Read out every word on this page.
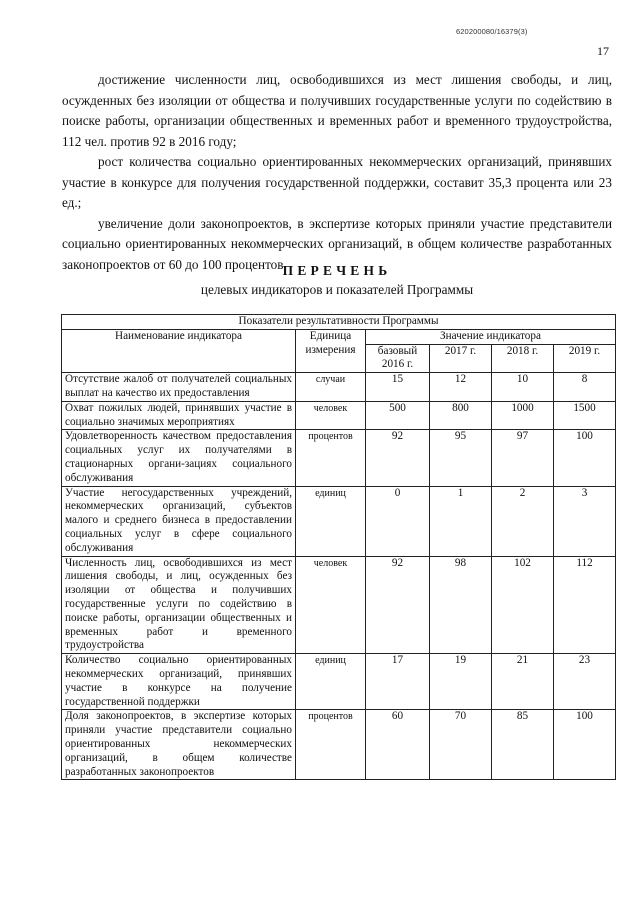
620200080/16379(3)
17

достижение численности лиц, освободившихся из мест лишения свободы, и лиц, осужденных без изоляции от общества и получивших государственные услуги по содействию в поиске работы, организации общественных и временных работ и временного трудоустройства, 112 чел. против 92 в 2016 году;

рост количества социально ориентированных некоммерческих организаций, принявших участие в конкурсе для получения государственной поддержки, составит 35,3 процента или 23 ед.;

увеличение доли законопроектов, в экспертизе которых приняли участие представители социально ориентированных некоммерческих организаций, в общем количестве разработанных законопроектов от 60 до 100 процентов.

ПЕРЕЧЕНЬ
целевых индикаторов и показателей Программы
Показатели результативности Программы					
Наименование индикатора	Единица измерения	Значение индикатора			
		базовый 2016 г.	2017 г.	2018 г.	2019 г.
Отсутствие жалоб от получателей социальных выплат на качество их предоставления	случаи	15	12	10	8
Охват пожилых людей, принявших участие в социально значимых мероприятиях	человек	500	800	1000	1500
Удовлетворенность качеством предоставления социальных услуг их получателями в стационарных органи-зациях социального обслуживания	процентов	92	95	97	100
Участие негосударственных учреждений, некоммерческих организаций, субъектов малого и среднего бизнеса в предоставлении социальных услуг в сфере социального обслуживания	единиц	0	1	2	3
Численность лиц, освободившихся из мест лишения свободы, и лиц, осужденных без изоляции от общества и получивших государственные услуги по содействию в поиске работы, организации общественных и временных работ и временного трудоустройства	человек	92	98	102	112
Количество социально ориентированных некоммерческих организаций, принявших участие в конкурсе на получение государственной поддержки	единиц	17	19	21	23
Доля законопроектов, в экспертизе которых приняли участие представители социально ориентированных некоммерческих организаций, в общем количестве разработанных законопроектов	процентов	60	70	85	100
